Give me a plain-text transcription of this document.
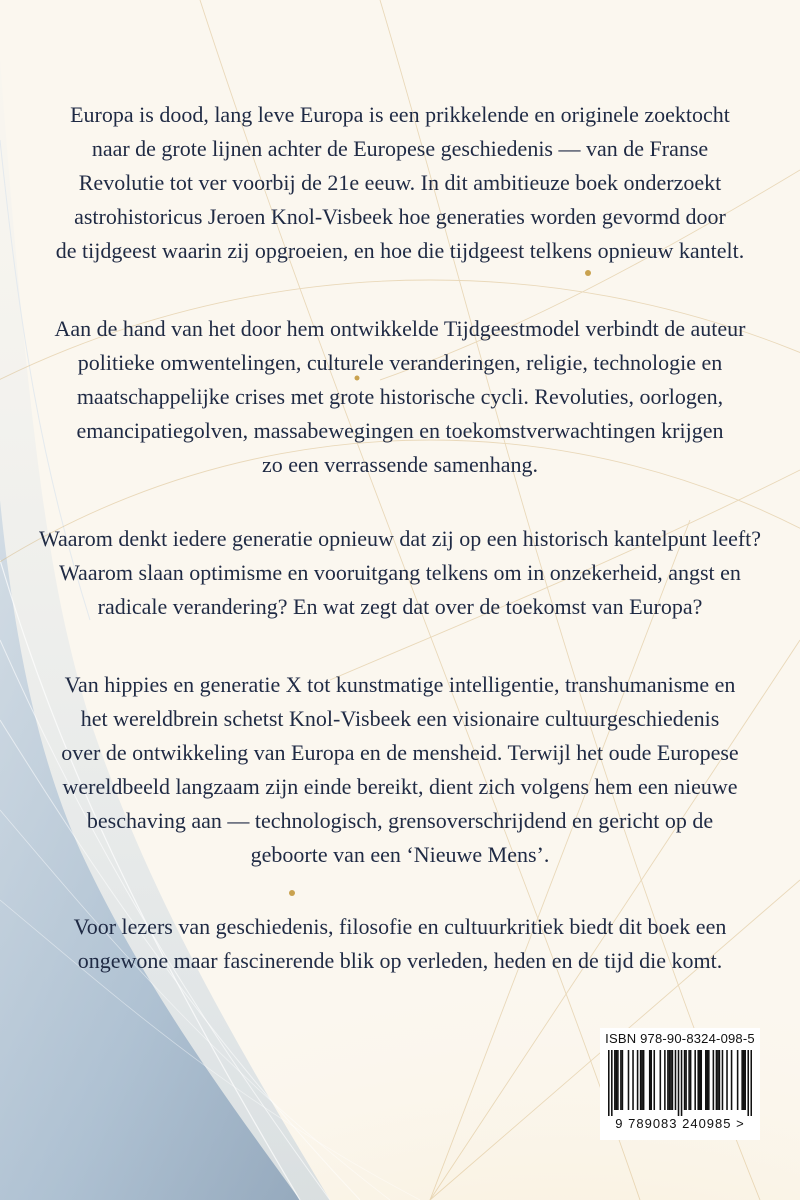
Europa is dood, lang leve Europa is een prikkelende en originele zoektocht
naar de grote lijnen achter de Europese geschiedenis — van de Franse
Revolutie tot ver voorbij de 21e eeuw. In dit ambitieuze boek onderzoekt
astrohistoricus Jeroen Knol-Visbeek hoe generaties worden gevormd door
de tijdgeest waarin zij opgroeien, en hoe die tijdgeest telkens opnieuw kantelt.

Aan de hand van het door hem ontwikkelde Tijdgeestmodel verbindt de auteur
politieke omwentelingen, culturele veranderingen, religie, technologie en
maatschappelijke crises met grote historische cycli. Revoluties, oorlogen,
emancipatiegolven, massabewegingen en toekomstverwachtingen krijgen
zo een verrassende samenhang.

Waarom denkt iedere generatie opnieuw dat zij op een historisch kantelpunt leeft?
Waarom slaan optimisme en vooruitgang telkens om in onzekerheid, angst en
radicale verandering? En wat zegt dat over de toekomst van Europa?

Van hippies en generatie X tot kunstmatige intelligentie, transhumanisme en
het wereldbrein schetst Knol-Visbeek een visionaire cultuurgeschiedenis
over de ontwikkeling van Europa en de mensheid. Terwijl het oude Europese
wereldbeeld langzaam zijn einde bereikt, dient zich volgens hem een nieuwe
beschaving aan — technologisch, grensoverschrijdend en gericht op de
geboorte van een ‘Nieuwe Mens’.

Voor lezers van geschiedenis, filosofie en cultuurkritiek biedt dit boek een
ongewone maar fascinerende blik op verleden, heden en de tijd die komt.

ISBN 978-90-8324-098-5
9 789083 240985 >
